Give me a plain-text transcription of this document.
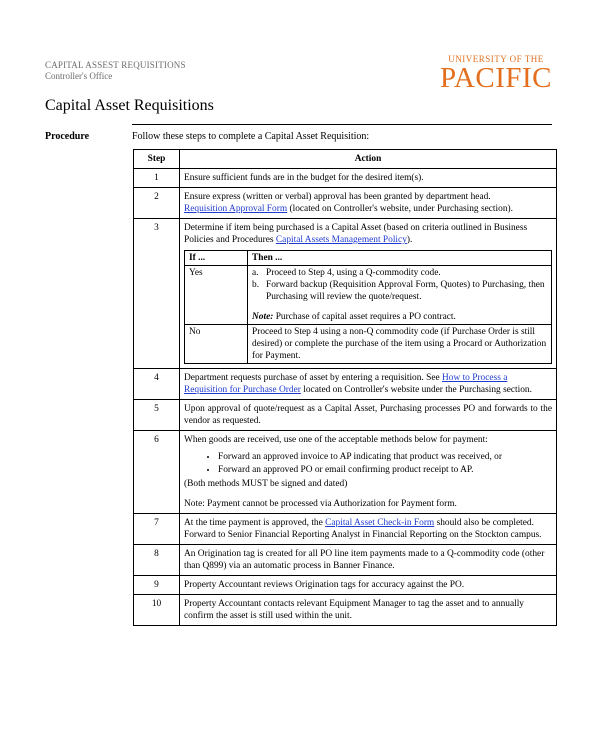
CAPITAL ASSEST REQUISITIONS
Controller's Office
UNIVERSITY OF THE
PACIFIC
Capital Asset Requisitions
Procedure	Follow these steps to complete a Capital Asset Requisition:
Step	Action
1	Ensure sufficient funds are in the budget for the desired item(s).
2	Ensure express (written or verbal) approval has been granted by department head.
Requisition Approval Form (located on Controller's website, under Purchasing section).
3	Determine if item being purchased is a Capital Asset (based on criteria outlined in Business Policies and Procedures Capital Assets Management Policy).
If ...	Then ...
Yes	a. Proceed to Step 4, using a Q-commodity code.
b. Forward backup (Requisition Approval Form, Quotes) to Purchasing, then Purchasing will review the quote/request.
Note: Purchase of capital asset requires a PO contract.

No	Proceed to Step 4 using a non-Q commodity code (if Purchase Order is still desired) or complete the purchase of the item using a Procard or Authorization for Payment.

4	Department requests purchase of asset by entering a requisition. See How to Process a Requisition for Purchase Order located on Controller's website under the Purchasing section.
5	Upon approval of quote/request as a Capital Asset, Purchasing processes PO and forwards to the vendor as requested.
6	When goods are received, use one of the acceptable methods below for payment:
• Forward an approved invoice to AP indicating that product was received, or
• Forward an approved PO or email confirming product receipt to AP.
(Both methods MUST be signed and dated)
Note: Payment cannot be processed via Authorization for Payment form.

7	At the time payment is approved, the Capital Asset Check-in Form should also be completed. Forward to Senior Financial Reporting Analyst in Financial Reporting on the Stockton campus.
8	An Origination tag is created for all PO line item payments made to a Q-commodity code (other than Q899) via an automatic process in Banner Finance.
9	Property Accountant reviews Origination tags for accuracy against the PO.
10	Property Accountant contacts relevant Equipment Manager to tag the asset and to annually confirm the asset is still used within the unit.
